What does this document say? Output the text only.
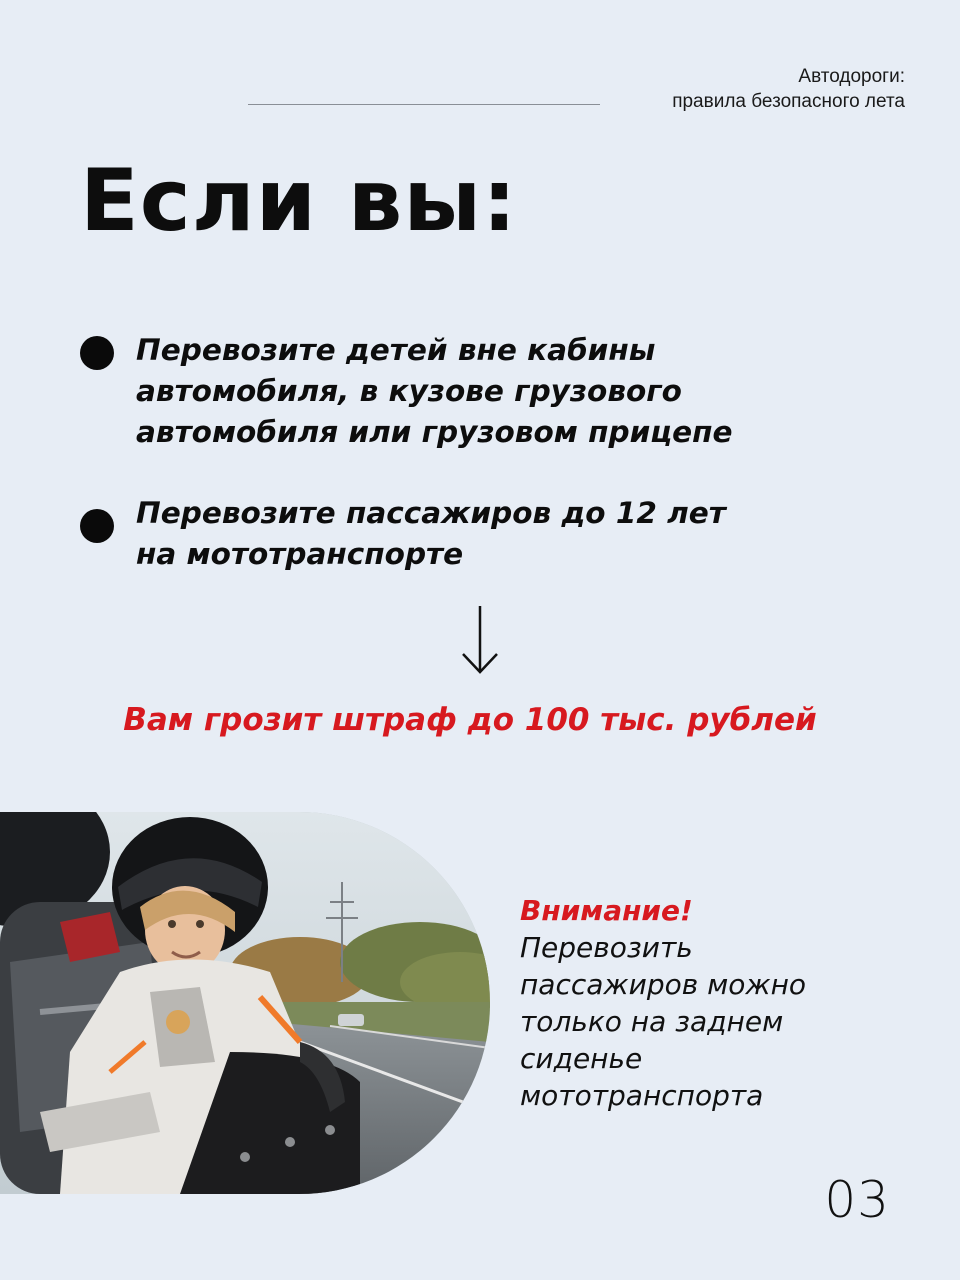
Автодороги:
правила безопасного лета
Если вы:
Перевозите детей вне кабины
автомобиля, в кузове грузового
автомобиля или грузовом прицепе
Перевозите пассажиров до 12 лет
на мототранспорте
Вам грозит штраф до 100 тыс. рублей
Внимание!
Перевозить
пассажиров можно
только на заднем
сиденье
мототранспорта
03
